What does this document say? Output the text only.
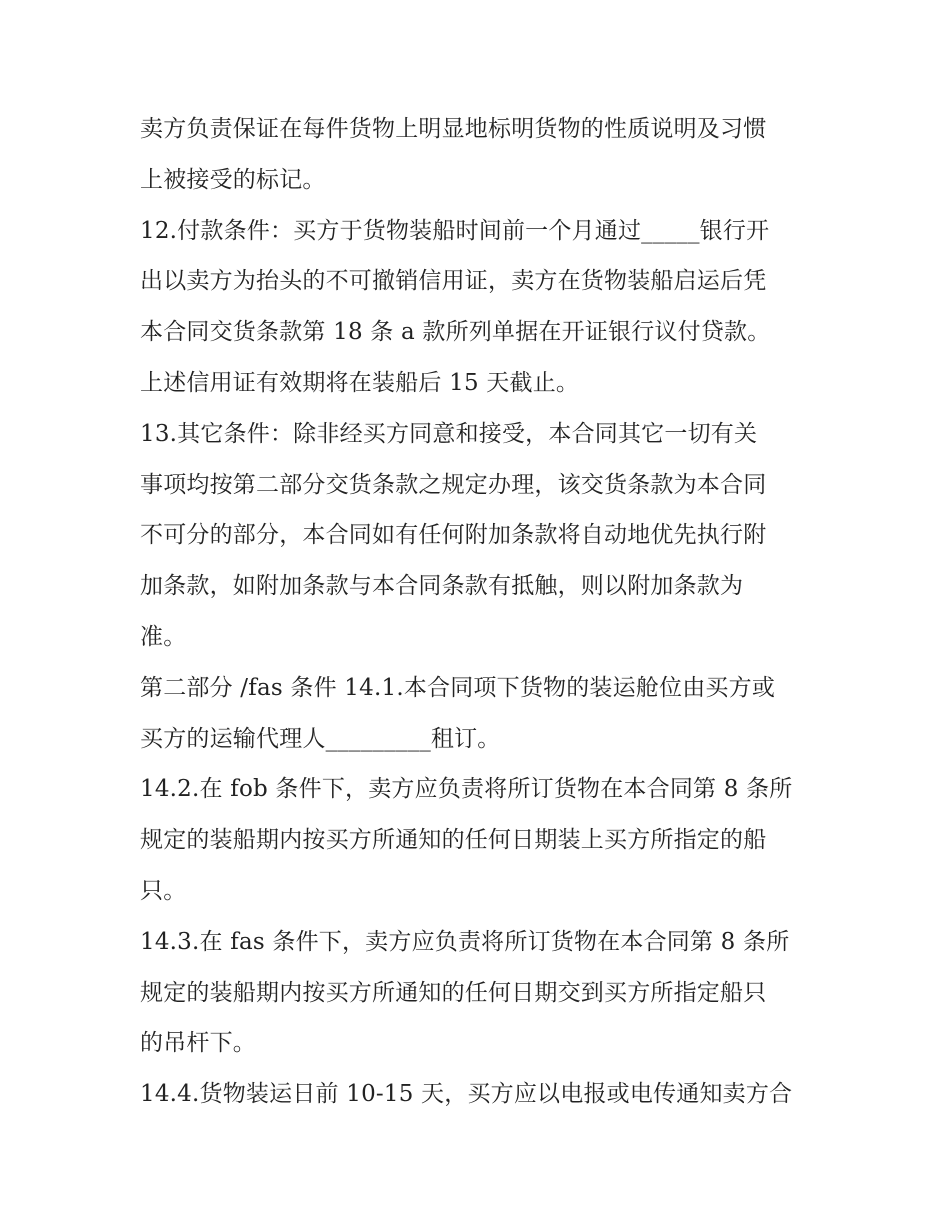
卖方负责保证在每件货物上明显地标明货物的性质说明及习惯
上被接受的标记。
12.付款条件：买方于货物装船时间前一个月通过_____银行开
出以卖方为抬头的不可撤销信用证，卖方在货物装船启运后凭
本合同交货条款第 18 条 a 款所列单据在开证银行议付贷款。
上述信用证有效期将在装船后 15 天截止。
13.其它条件：除非经买方同意和接受，本合同其它一切有关
事项均按第二部分交货条款之规定办理，该交货条款为本合同
不可分的部分，本合同如有任何附加条款将自动地优先执行附
加条款，如附加条款与本合同条款有抵触，则以附加条款为
准。
第二部分 /fas 条件 14.1.本合同项下货物的装运舱位由买方或
买方的运输代理人_________租订。
14.2.在 fob 条件下，卖方应负责将所订货物在本合同第 8 条所
规定的装船期内按买方所通知的任何日期装上买方所指定的船
只。
14.3.在 fas 条件下，卖方应负责将所订货物在本合同第 8 条所
规定的装船期内按买方所通知的任何日期交到买方所指定船只
的吊杆下。
14.4.货物装运日前 10-15 天，买方应以电报或电传通知卖方合
